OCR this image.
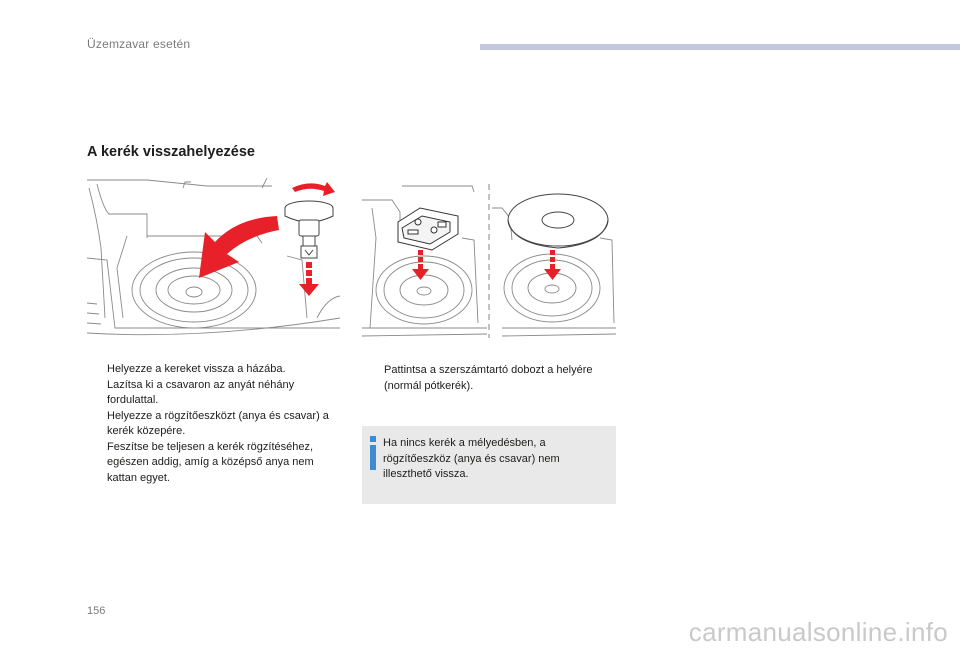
Üzemzavar esetén
A kerék visszahelyezése
Helyezze a kereket vissza a házába.
Lazítsa ki a csavaron az anyát néhány fordulattal.
Helyezze a rögzítőeszközt (anya és csavar) a kerék közepére.
Feszítse be teljesen a kerék rögzítéséhez, egészen addig, amíg a középső anya nem kattan egyet.
Pattintsa a szerszámtartó dobozt a helyére (normál pótkerék).
Ha nincs kerék a mélyedésben, a rögzítőeszköz (anya és csavar) nem illeszthető vissza.
156
carmanualsonline.info
